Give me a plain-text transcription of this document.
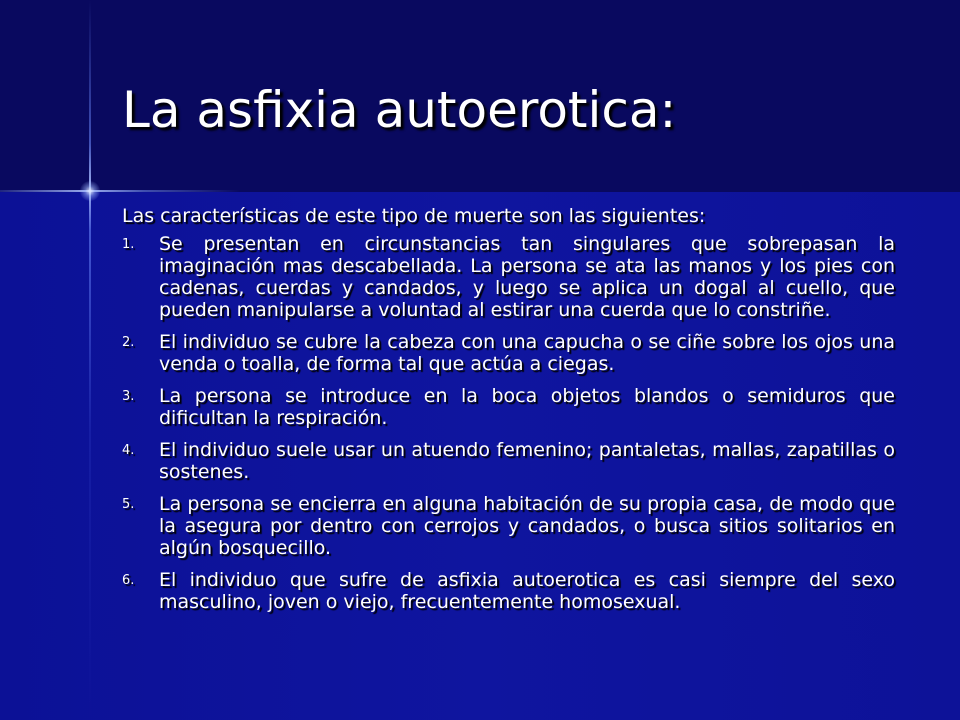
La asfixia autoerotica:

Las características de este tipo de muerte son las siguientes:

1. Se presentan en circunstancias tan singulares que sobrepasan la imaginación mas descabellada. La persona se ata las manos y los pies con cadenas, cuerdas y candados, y luego se aplica un dogal al cuello, que pueden manipularse a voluntad al estirar una cuerda que lo constriñe.
2. El individuo se cubre la cabeza con una capucha o se ciñe sobre los ojos una venda o toalla, de forma tal que actúa a ciegas.
3. La persona se introduce en la boca objetos blandos o semiduros que dificultan la respiración.
4. El individuo suele usar un atuendo femenino; pantaletas, mallas, zapatillas o sostenes.
5. La persona se encierra en alguna habitación de su propia casa, de modo que la asegura por dentro con cerrojos y candados, o busca sitios solitarios en algún bosquecillo.
6. El individuo que sufre de asfixia autoerotica es casi siempre del sexo masculino, joven o viejo, frecuentemente homosexual.
